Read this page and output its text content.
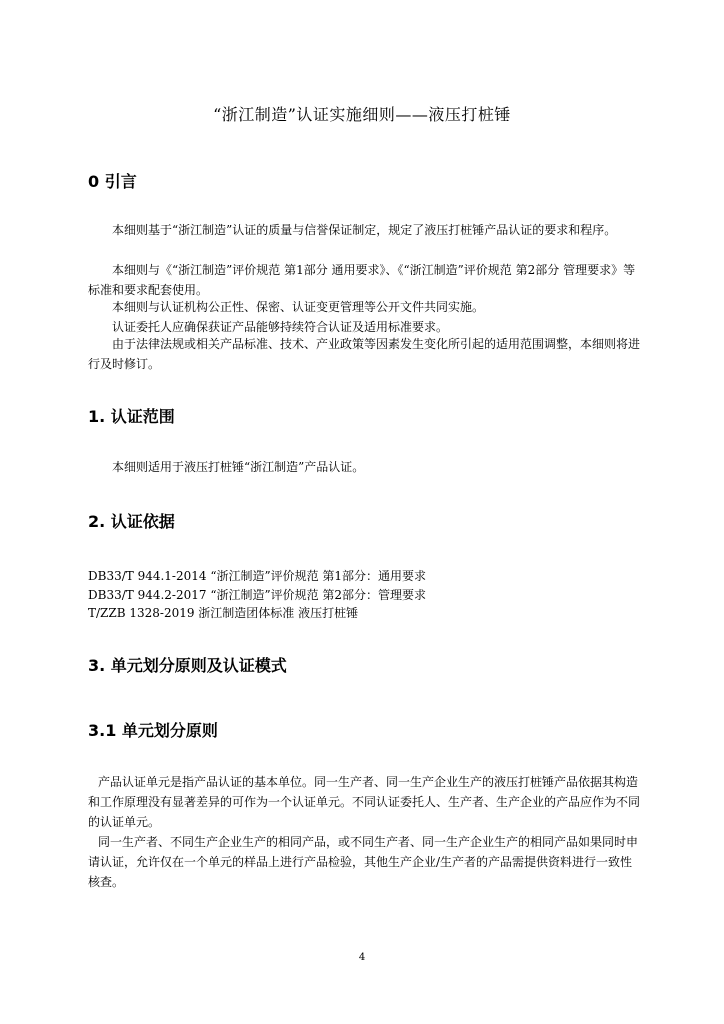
“浙江制造”认证实施细则——液压打桩锤
0 引言

本细则基于“浙江制造”认证的质量与信誉保证制定，规定了液压打桩锤产品认证的要求和程序。

本细则与《“浙江制造”评价规范 第1部分 通用要求》、《“浙江制造”评价规范 第2部分 管理要求》等标准和要求配套使用。

本细则与认证机构公正性、保密、认证变更管理等公开文件共同实施。

认证委托人应确保获证产品能够持续符合认证及适用标准要求。

由于法律法规或相关产品标准、技术、产业政策等因素发生变化所引起的适用范围调整，本细则将进行及时修订。

1. 认证范围

本细则适用于液压打桩锤“浙江制造”产品认证。

2. 认证依据
DB33/T 944.1-2014 “浙江制造”评价规范 第1部分：通用要求
DB33/T 944.2-2017 “浙江制造”评价规范 第2部分：管理要求
T/ZZB 1328-2019 浙江制造团体标准 液压打桩锤
3. 单元划分原则及认证模式
3.1 单元划分原则

产品认证单元是指产品认证的基本单位。同一生产者、同一生产企业生产的液压打桩锤产品依据其构造和工作原理没有显著差异的可作为一个认证单元。不同认证委托人、生产者、生产企业的产品应作为不同的认证单元。

同一生产者、不同生产企业生产的相同产品，或不同生产者、同一生产企业生产的相同产品如果同时申请认证，允许仅在一个单元的样品上进行产品检验，其他生产企业/生产者的产品需提供资料进行一致性核查。

4
